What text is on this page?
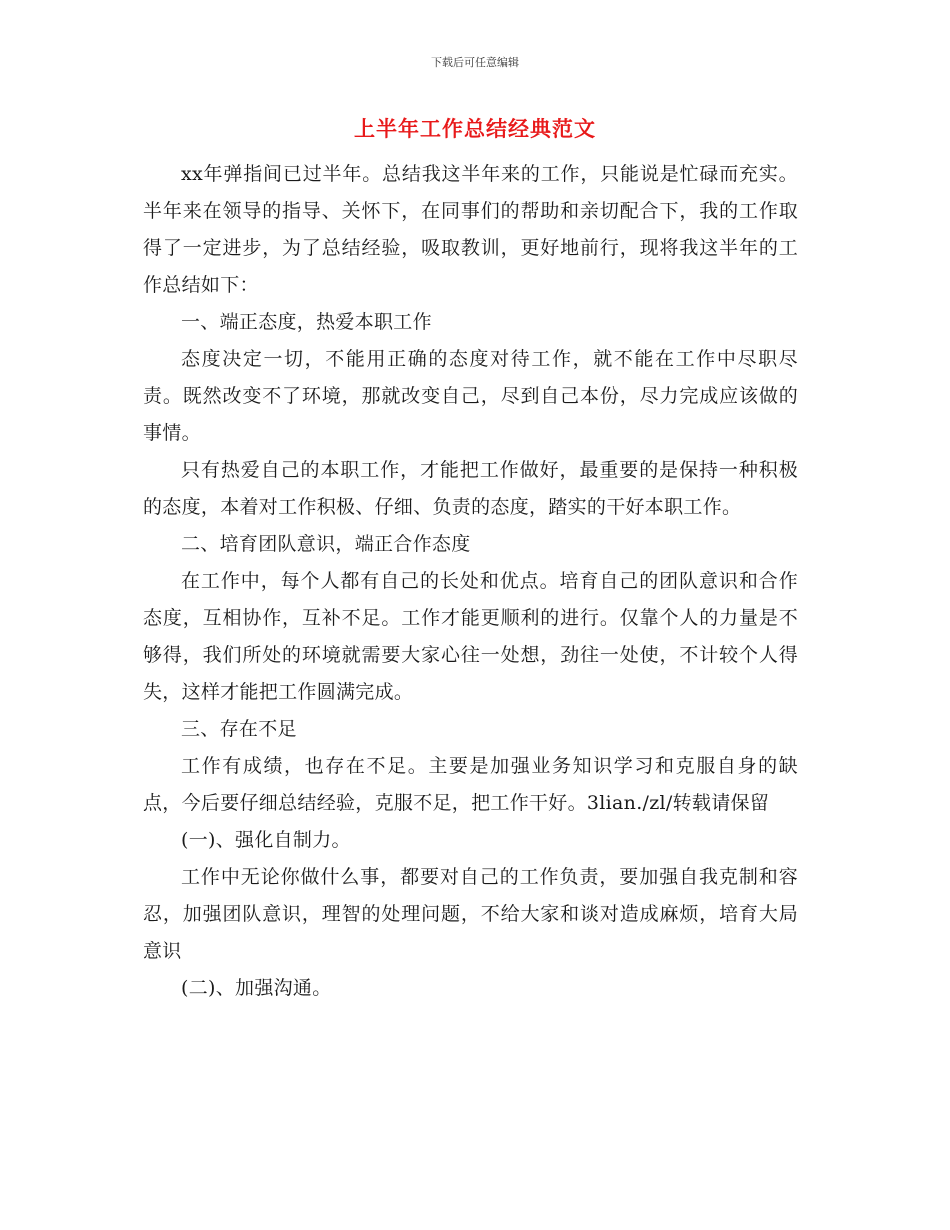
下载后可任意编辑
上半年工作总结经典范文

xx年弹指间已过半年。总结我这半年来的工作，只能说是忙碌而充实。半年来在领导的指导、关怀下，在同事们的帮助和亲切配合下，我的工作取得了一定进步，为了总结经验，吸取教训，更好地前行，现将我这半年的工作总结如下：

一、端正态度，热爱本职工作

态度决定一切，不能用正确的态度对待工作，就不能在工作中尽职尽责。既然改变不了环境，那就改变自己，尽到自己本份，尽力完成应该做的事情。

只有热爱自己的本职工作，才能把工作做好，最重要的是保持一种积极的态度，本着对工作积极、仔细、负责的态度，踏实的干好本职工作。

二、培育团队意识，端正合作态度

在工作中，每个人都有自己的长处和优点。培育自己的团队意识和合作态度，互相协作，互补不足。工作才能更顺利的进行。仅靠个人的力量是不够得，我们所处的环境就需要大家心往一处想，劲往一处使，不计较个人得失，这样才能把工作圆满完成。

三、存在不足

工作有成绩，也存在不足。主要是加强业务知识学习和克服自身的缺点，今后要仔细总结经验，克服不足，把工作干好。3lian./zl/转载请保留

(一)、强化自制力。

工作中无论你做什么事，都要对自己的工作负责，要加强自我克制和容忍，加强团队意识，理智的处理问题，不给大家和谈对造成麻烦，培育大局意识

(二)、加强沟通。
